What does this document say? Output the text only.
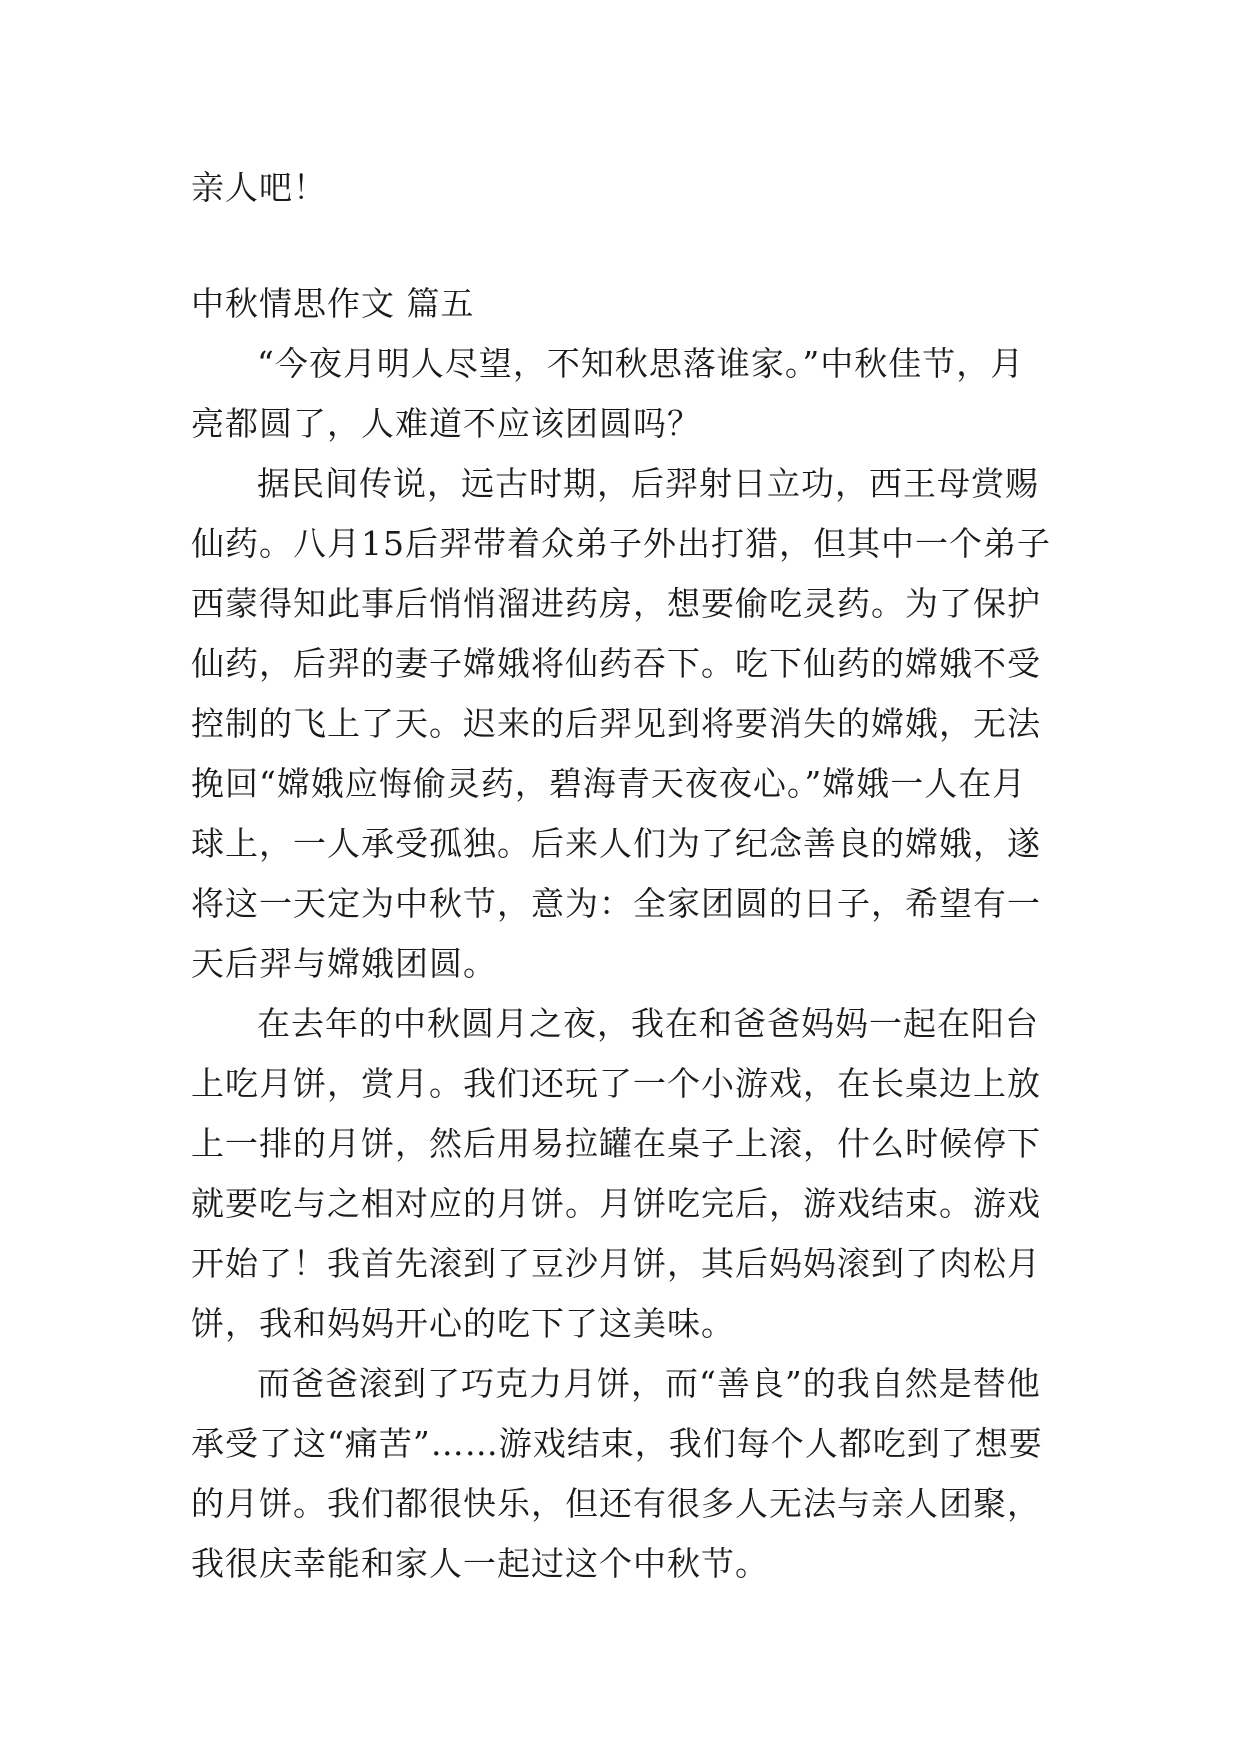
亲人吧！
中秋情思作文 篇五

“今夜月明人尽望，不知秋思落谁家。”中秋佳节，月亮都圆了，人难道不应该团圆吗？

据民间传说，远古时期，后羿射日立功，西王母赏赐仙药。八月15后羿带着众弟子外出打猎，但其中一个弟子西蒙得知此事后悄悄溜进药房，想要偷吃灵药。为了保护仙药，后羿的妻子嫦娥将仙药吞下。吃下仙药的嫦娥不受控制的飞上了天。迟来的后羿见到将要消失的嫦娥，无法挽回“嫦娥应悔偷灵药，碧海青天夜夜心。”嫦娥一人在月球上，一人承受孤独。后来人们为了纪念善良的嫦娥，遂将这一天定为中秋节，意为：全家团圆的日子，希望有一天后羿与嫦娥团圆。

在去年的中秋圆月之夜，我在和爸爸妈妈一起在阳台上吃月饼，赏月。我们还玩了一个小游戏，在长桌边上放上一排的月饼，然后用易拉罐在桌子上滚，什么时候停下就要吃与之相对应的月饼。月饼吃完后，游戏结束。游戏开始了！我首先滚到了豆沙月饼，其后妈妈滚到了肉松月饼，我和妈妈开心的吃下了这美味。

而爸爸滚到了巧克力月饼，而“善良”的我自然是替他承受了这“痛苦”……游戏结束，我们每个人都吃到了想要的月饼。我们都很快乐，但还有很多人无法与亲人团聚，我很庆幸能和家人一起过这个中秋节。
